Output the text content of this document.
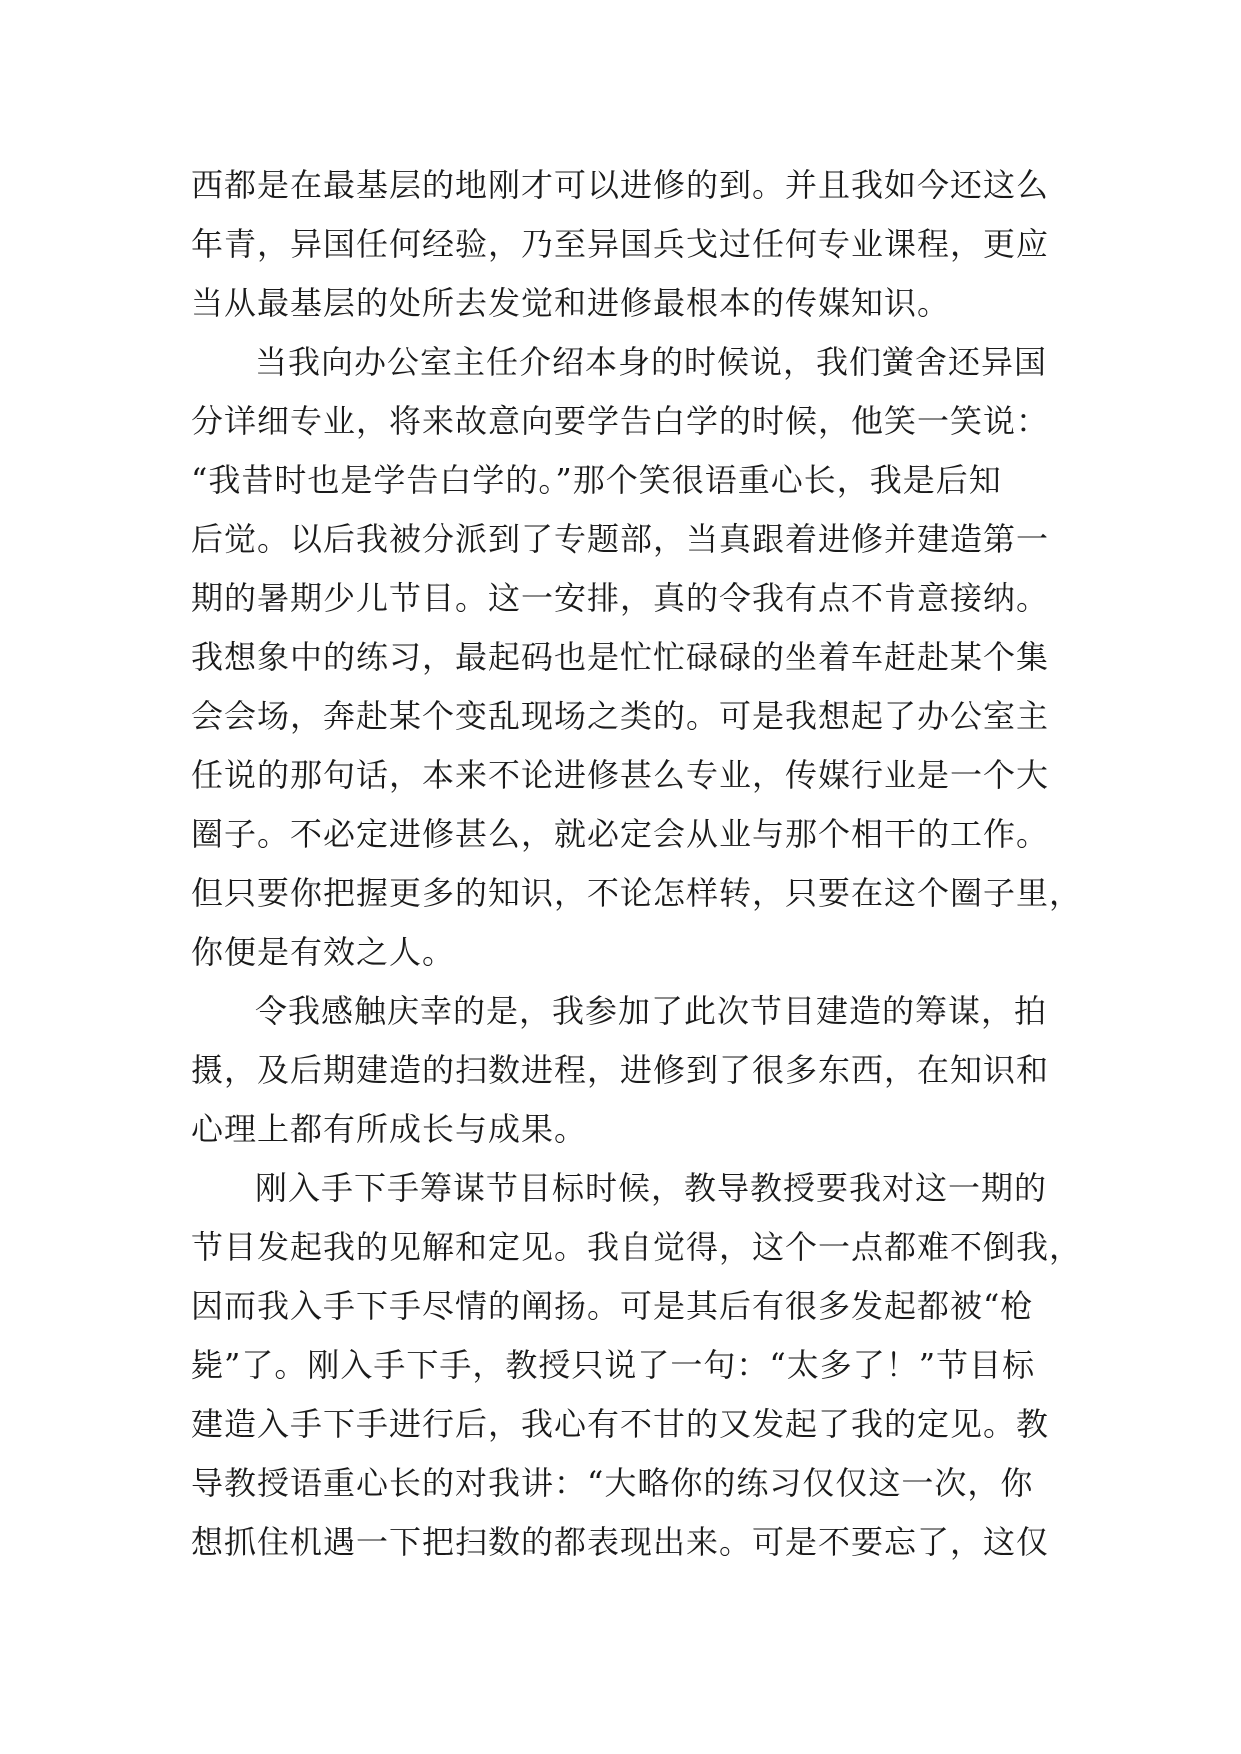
西都是在最基层的地刚才可以进修的到。并且我如今还这么
年青，异国任何经验，乃至异国兵戈过任何专业课程，更应
当从最基层的处所去发觉和进修最根本的传媒知识。
当我向办公室主任介绍本身的时候说，我们黉舍还异国
分详细专业，将来故意向要学告白学的时候，他笑一笑说：
“我昔时也是学告白学的。”那个笑很语重心长，我是后知
后觉。以后我被分派到了专题部，当真跟着进修并建造第一
期的暑期少儿节目。这一安排，真的令我有点不肯意接纳。
我想象中的练习，最起码也是忙忙碌碌的坐着车赶赴某个集
会会场，奔赴某个变乱现场之类的。可是我想起了办公室主
任说的那句话，本来不论进修甚么专业，传媒行业是一个大
圈子。不必定进修甚么，就必定会从业与那个相干的工作。
但只要你把握更多的知识，不论怎样转，只要在这个圈子里，
你便是有效之人。
令我感触庆幸的是，我参加了此次节目建造的筹谋，拍
摄，及后期建造的扫数进程，进修到了很多东西，在知识和
心理上都有所成长与成果。
刚入手下手筹谋节目标时候，教导教授要我对这一期的
节目发起我的见解和定见。我自觉得，这个一点都难不倒我，
因而我入手下手尽情的阐扬。可是其后有很多发起都被“枪
毙”了。刚入手下手，教授只说了一句：“太多了！”节目标
建造入手下手进行后，我心有不甘的又发起了我的定见。教
导教授语重心长的对我讲：“大略你的练习仅仅这一次，你
想抓住机遇一下把扫数的都表现出来。可是不要忘了，这仅
